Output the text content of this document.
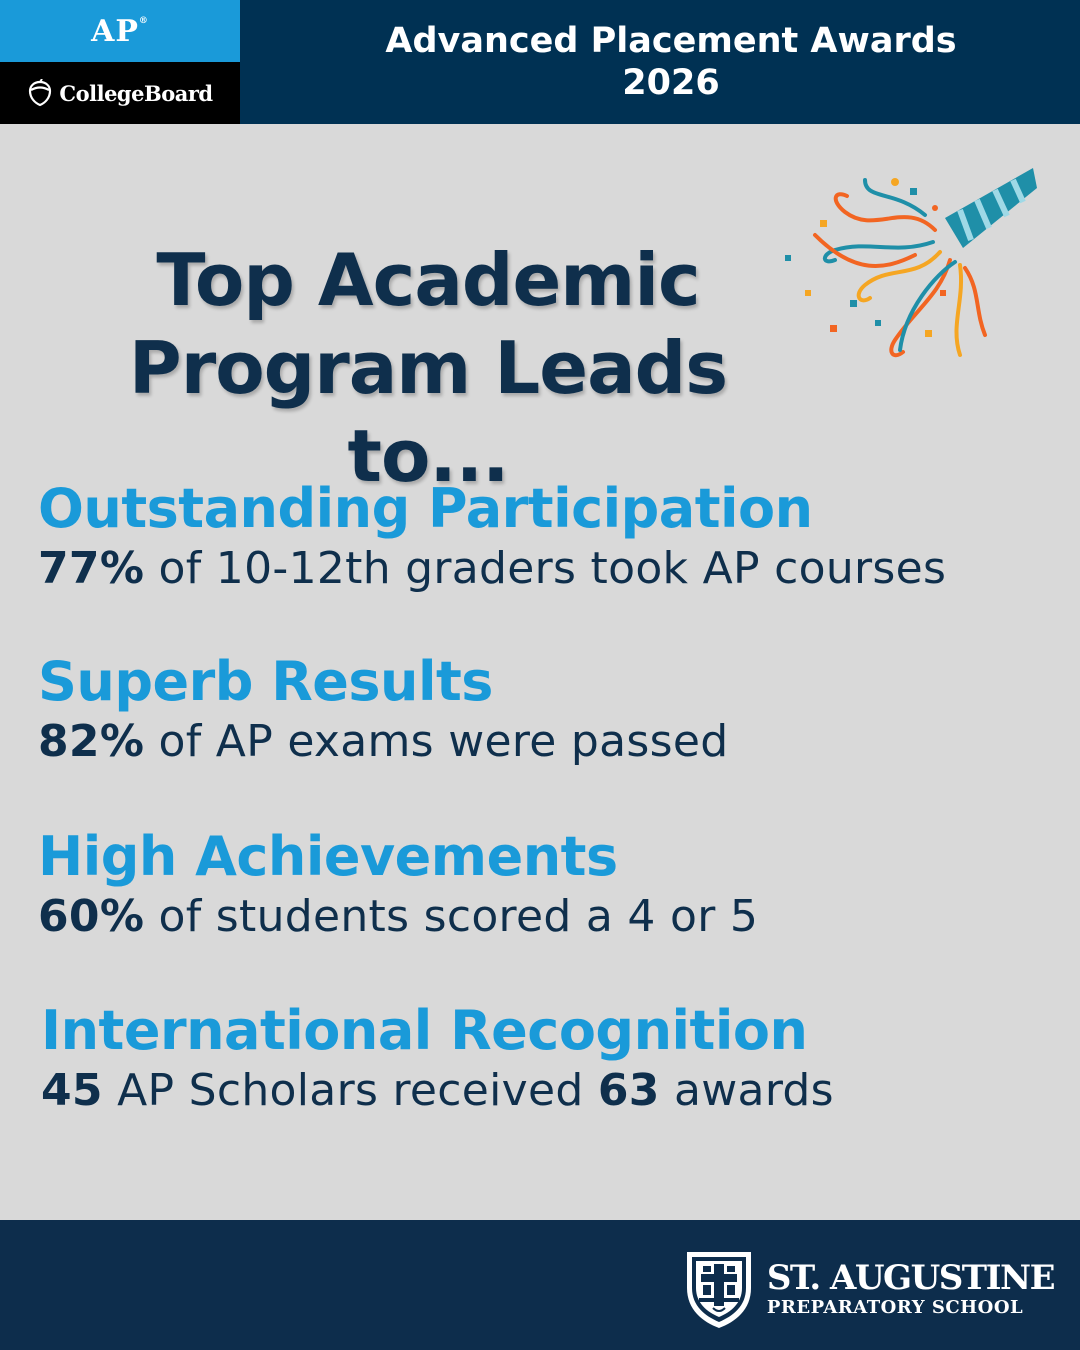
AP®
CollegeBoard
Advanced Placement Awards
2026
Top Academic
Program Leads to...
Outstanding Participation

77% of 10-12th graders took AP courses

Superb Results

82% of AP exams were passed

High Achievements

60% of students scored a 4 or 5

International Recognition

45 AP Scholars received 63 awards

ST. AUGUSTINE
PREPARATORY SCHOOL
